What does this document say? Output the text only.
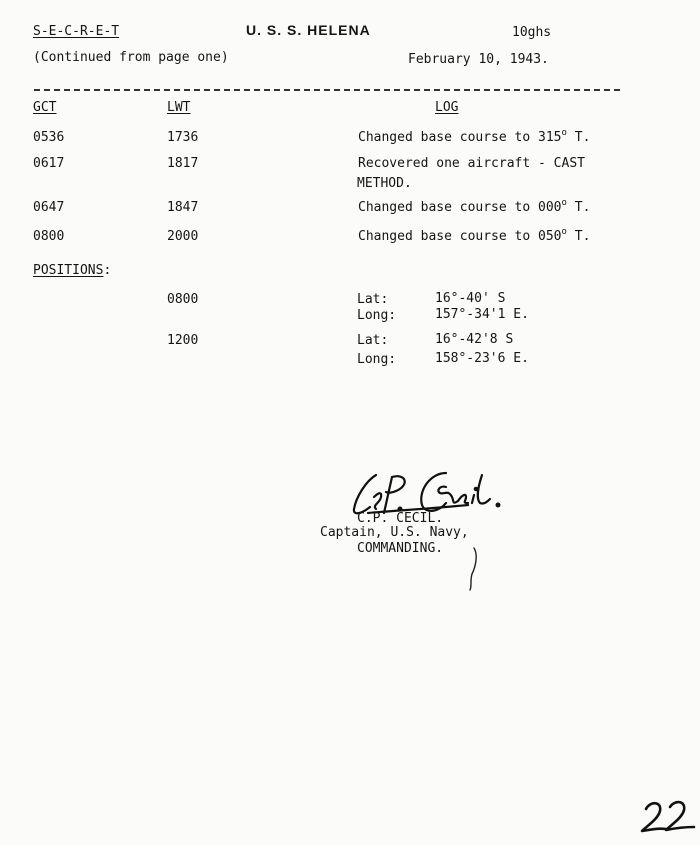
S-E-C-R-E-T	U. S. S. HELENA	10ghs
(Continued from page one)	February 10, 1943.
GCT	LWT	LOG
0536	1736	Changed base course to 315$^o$ T.
0617	1817	Recovered one aircraft - CAST
METHOD.
0647	1847	Changed base course to 000$^o$ T.
0800	2000	Changed base course to 050$^o$ T.
POSITIONS:
0800	Lat:	16°-40' S
Long:	157°-34'1 E.
1200	Lat:	16°-42'8 S
Long:	158°-23'6 E.
C.P. CECIL.
Captain, U.S. Navy,
COMMANDING.
